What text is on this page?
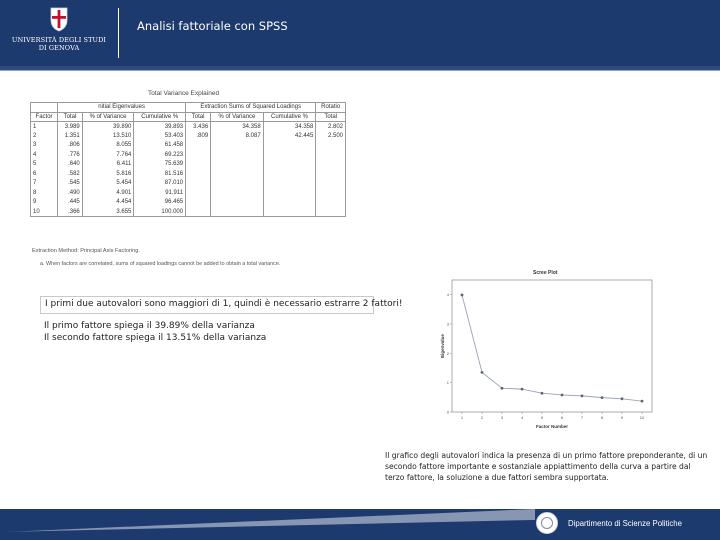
UNIVERSITÀ DEGLI STUDI
DI GENOVA
Analisi fattoriale con SPSS
Total Variance Explained
	nitial Eigenvalues			Extraction Sums of Squared Loadings			Rotatio
Factor	Total	% of Variance	Cumulative %	Total	% of Variance	Cumulative %	Total
1	3.989	39.890	39.893	3.436	34.358	34.358	2.802
2	1.351	13.510	53.403	.809	8.087	42.445	2.500
3	.806	8.055	61.458				
4	.776	7.764	69.223				
5	.640	6.411	75.639				
6	.582	5.816	81.516				
7	.545	5.454	87.010				
8	.490	4.901	91.911				
9	.445	4.454	96.465				
10	.366	3.655	100.000				
Extraction Method: Principal Axis Factoring.
a. When factors are correlated, sums of squared loadings cannot be added to obtain a total variance.
I primi due autovalori sono maggiori di 1, quindi è necessario estrarre 2 fattori!
Il primo fattore spiega il 39.89% della varianza
Il secondo fattore spiega il 13.51% della varianza
0
1
2
3
4
1	2	3	4	5	6	7	8	9	10
Factor Number
Eigenvalue
Scree Plot
Il grafico degli autovalori indica la presenza di un primo fattore preponderante, di un secondo fattore importante e sostanziale appiattimento della curva a partire dal terzo fattore, la soluzione a due fattori sembra supportata.
Dipartimento di Scienze Politiche
